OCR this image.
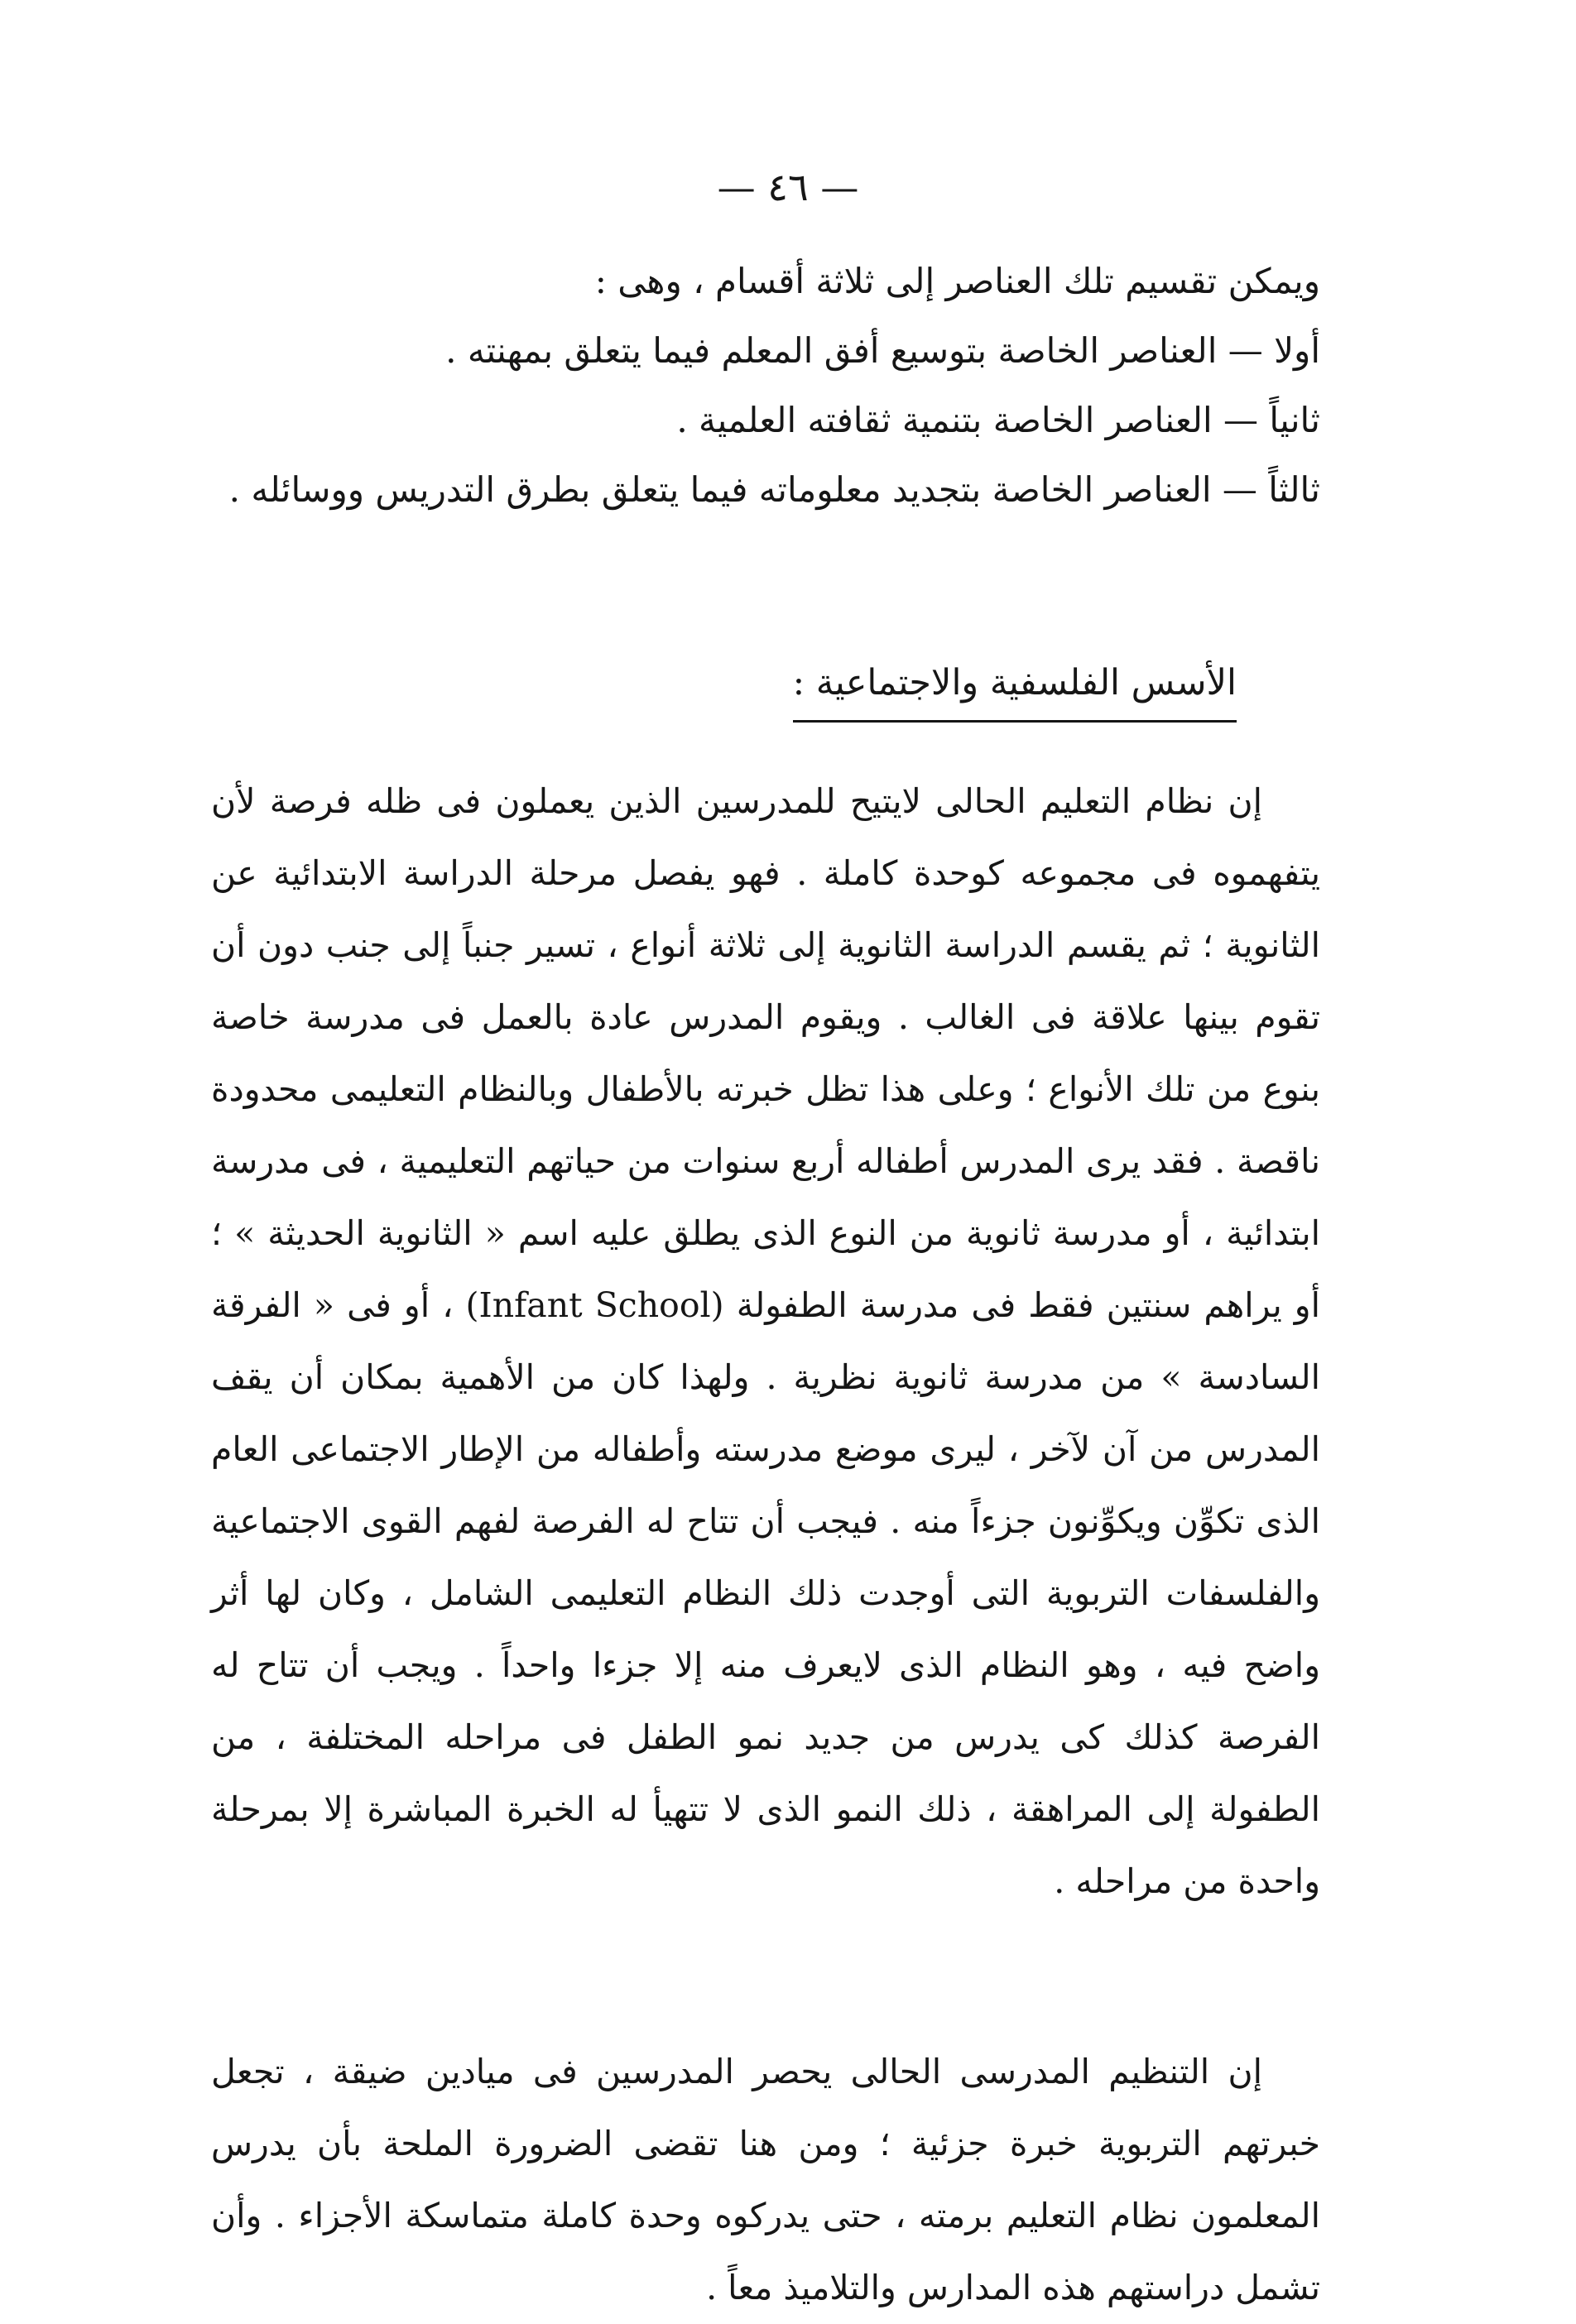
— ٤٦ —
ويمكن تقسيم تلك العناصر إلى ثلاثة أقسام ، وهى :
أولا — العناصر الخاصة بتوسيع أفق المعلم فيما يتعلق بمهنته .
ثانياً — العناصر الخاصة بتنمية ثقافته العلمية .
ثالثاً — العناصر الخاصة بتجديد معلوماته فيما يتعلق بطرق التدريس ووسائله .
الأسس الفلسفية والاجتماعية :

إن نظام التعليم الحالى لايتيح للمدرسين الذين يعملون فى ظله فرصة لأن يتفهموه فى مجموعه كوحدة كاملة . فهو يفصل مرحلة الدراسة الابتدائية عن الثانوية ؛ ثم يقسم الدراسة الثانوية إلى ثلاثة أنواع ، تسير جنباً إلى جنب دون أن تقوم بينها علاقة فى الغالب . ويقوم المدرس عادة بالعمل فى مدرسة خاصة بنوع من تلك الأنواع ؛ وعلى هذا تظل خبرته بالأطفال وبالنظام التعليمى محدودة ناقصة . فقد يرى المدرس أطفاله أربع سنوات من حياتهم التعليمية ، فى مدرسة ابتدائية ، أو مدرسة ثانوية من النوع الذى يطلق عليه اسم « الثانوية الحديثة » ؛ أو يراهم سنتين فقط فى مدرسة الطفولة (Infant School) ، أو فى « الفرقة السادسة » من مدرسة ثانوية نظرية . ولهذا كان من الأهمية بمكان أن يقف المدرس من آن لآخر ، ليرى موضع مدرسته وأطفاله من الإطار الاجتماعى العام الذى تكوِّن ويكوِّنون جزءاً منه . فيجب أن تتاح له الفرصة لفهم القوى الاجتماعية والفلسفات التربوية التى أوجدت ذلك النظام التعليمى الشامل ، وكان لها أثر واضح فيه ، وهو النظام الذى لايعرف منه إلا جزءا واحداً . ويجب أن تتاح له الفرصة كذلك كى يدرس من جديد نمو الطفل فى مراحله المختلفة ، من الطفولة إلى المراهقة ، ذلك النمو الذى لا تتهيأ له الخبرة المباشرة إلا بمرحلة واحدة من مراحله .

إن التنظيم المدرسى الحالى يحصر المدرسين فى ميادين ضيقة ، تجعل خبرتهم التربوية خبرة جزئية ؛ ومن هنا تقضى الضرورة الملحة بأن يدرس المعلمون نظام التعليم برمته ، حتى يدركوه وحدة كاملة متماسكة الأجزاء . وأن تشمل دراستهم هذه المدارس والتلاميذ معاً .
